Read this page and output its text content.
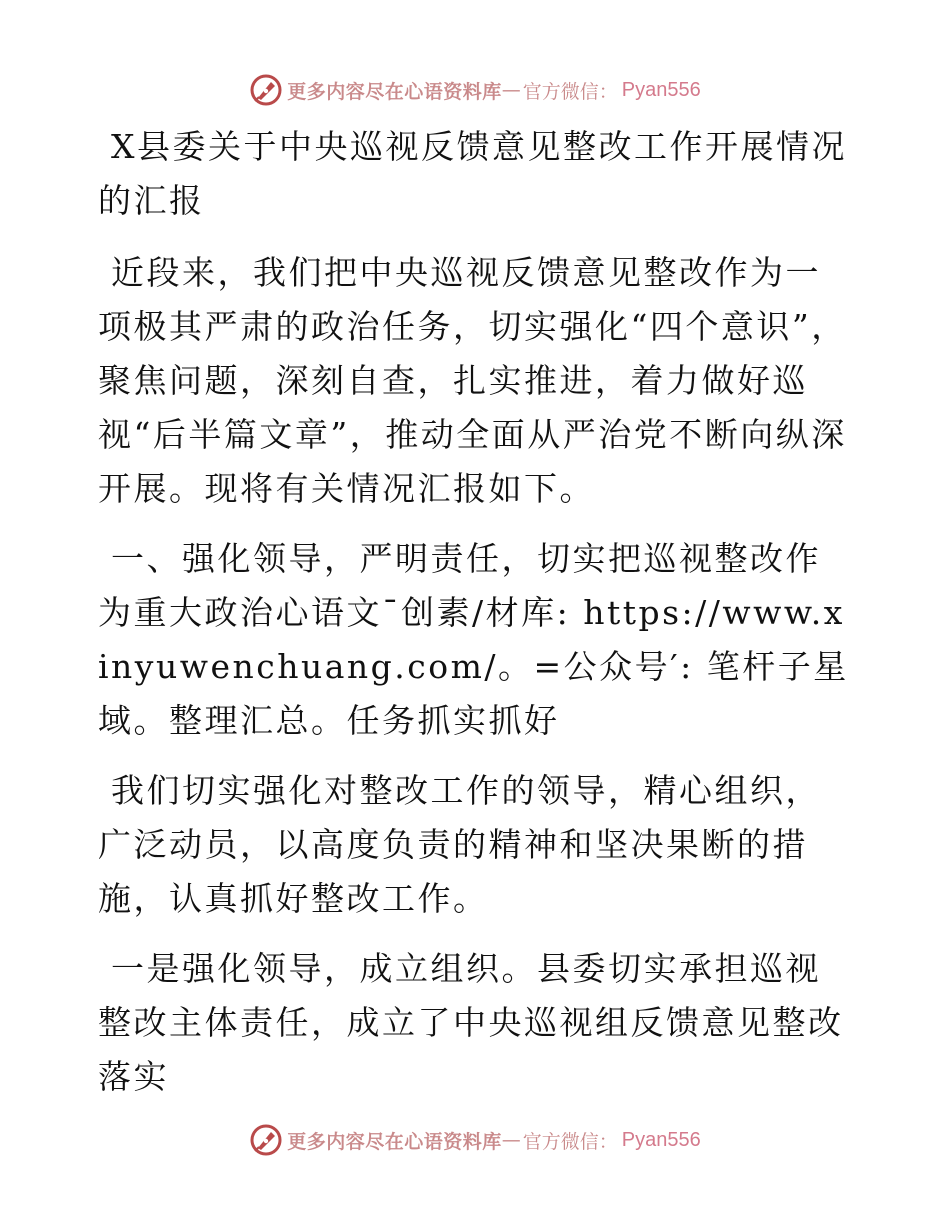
更多内容尽在心语资料库 — 官方微信： Pyan556

X县委关于中央巡视反馈意见整改工作开展情况的汇报

近段来，我们把中央巡视反馈意见整改作为一项极其严肃的政治任务，切实强化“四个意识”，聚焦问题，深刻自查，扎实推进，着力做好巡视“后半篇文章”，推动全面从严治党不断向纵深开展。现将有关情况汇报如下。

一、强化领导，严明责任，切实把巡视整改作为重大政治心语文¯创素/材库: https://www.xinyuwenchuang.com/。=公众号′: 笔杆子星域。整理汇总。任务抓实抓好

我们切实强化对整改工作的领导，精心组织，广泛动员，以高度负责的精神和坚决果断的措施，认真抓好整改工作。

一是强化领导，成立组织。县委切实承担巡视整改主体责任，成立了中央巡视组反馈意见整改落实

更多内容尽在心语资料库 — 官方微信： Pyan556
